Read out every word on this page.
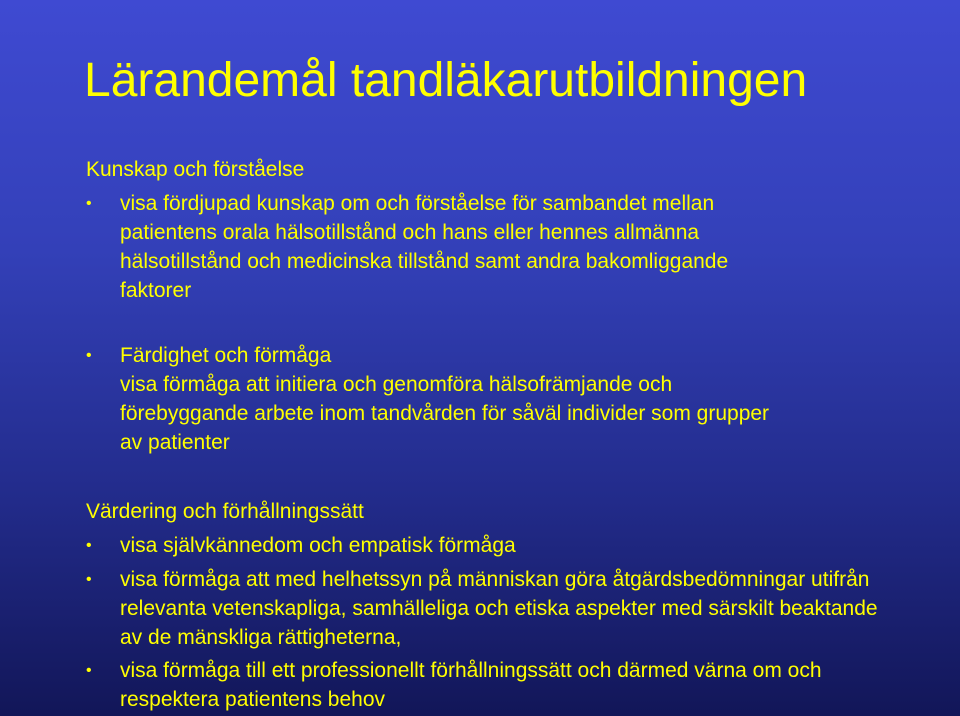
Lärandemål tandläkarutbildningen
Kunskap och förståelse
•	visa fördjupad kunskap om och förståelse för sambandet mellan patientens orala hälsotillstånd och hans eller hennes allmänna hälsotillstånd och medicinska tillstånd samt andra bakomliggande faktorer
•	Färdighet och förmåga
visa förmåga att initiera och genomföra hälsofrämjande och förebyggande arbete inom tandvården för såväl individer som grupper av patienter
Värdering och förhållningssätt
•	visa självkännedom och empatisk förmåga
•	visa förmåga att med helhetssyn på människan göra åtgärdsbedömningar utifrån relevanta vetenskapliga, samhälleliga och etiska aspekter med särskilt beaktande av de mänskliga rättigheterna,
•	visa förmåga till ett professionellt förhållningssätt och därmed värna om och respektera patientens behov
